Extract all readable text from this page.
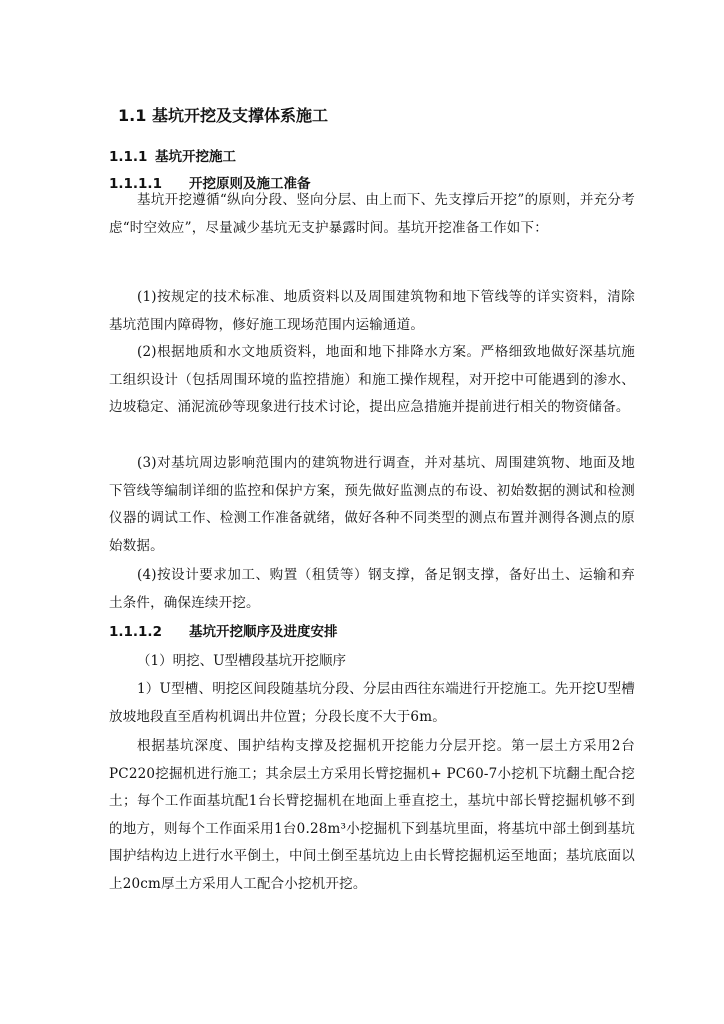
1.1 基坑开挖及支撑体系施工
1.1.1 基坑开挖施工
1.1.1.1 开挖原则及施工准备

基坑开挖遵循“纵向分段、竖向分层、由上而下、先支撑后开挖”的原则，并充分考虑“时空效应”，尽量减少基坑无支护暴露时间。基坑开挖准备工作如下：

(1)按规定的技术标准、地质资料以及周围建筑物和地下管线等的详实资料，清除基坑范围内障碍物，修好施工现场范围内运输通道。

(2)根据地质和水文地质资料，地面和地下排降水方案。严格细致地做好深基坑施工组织设计（包括周围环境的监控措施）和施工操作规程，对开挖中可能遇到的渗水、边坡稳定、涌泥流砂等现象进行技术讨论，提出应急措施并提前进行相关的物资储备。

(3)对基坑周边影响范围内的建筑物进行调查，并对基坑、周围建筑物、地面及地下管线等编制详细的监控和保护方案，预先做好监测点的布设、初始数据的测试和检测仪器的调试工作、检测工作准备就绪，做好各种不同类型的测点布置并测得各测点的原始数据。

(4)按设计要求加工、购置（租赁等）钢支撑，备足钢支撑，备好出土、运输和弃土条件，确保连续开挖。

1.1.1.2 基坑开挖顺序及进度安排
（1）明挖、U型槽段基坑开挖顺序

1）U型槽、明挖区间段随基坑分段、分层由西往东端进行开挖施工。先开挖U型槽放坡地段直至盾构机调出井位置；分段长度不大于6m。

根据基坑深度、围护结构支撑及挖掘机开挖能力分层开挖。第一层土方采用2台PC220挖掘机进行施工；其余层土方采用长臂挖掘机+ PC60-7小挖机下坑翻土配合挖土；每个工作面基坑配1台长臂挖掘机在地面上垂直挖土，基坑中部长臂挖掘机够不到的地方，则每个工作面采用1台0.28m³小挖掘机下到基坑里面，将基坑中部土倒到基坑围护结构边上进行水平倒土，中间土倒至基坑边上由长臂挖掘机运至地面；基坑底面以上20cm厚土方采用人工配合小挖机开挖。
